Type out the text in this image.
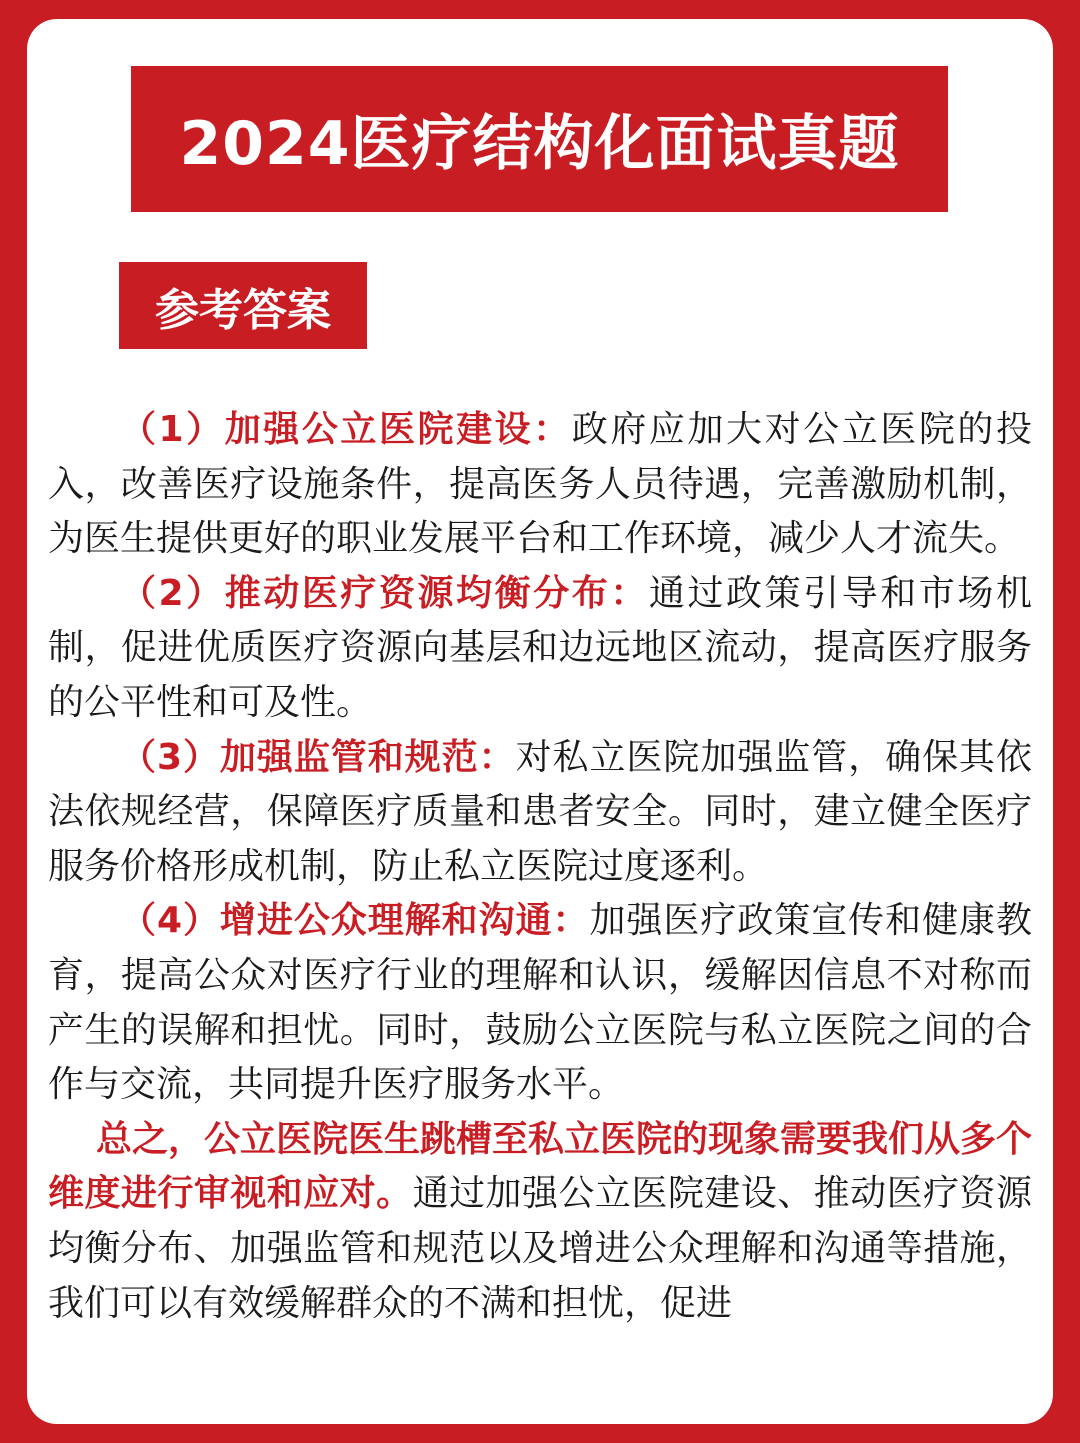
2024医疗结构化面试真题
参考答案

（1）加强公立医院建设：政府应加大对公立医院的投入，改善医疗设施条件，提高医务人员待遇，完善激励机制，为医生提供更好的职业发展平台和工作环境，减少人才流失。

（2）推动医疗资源均衡分布：通过政策引导和市场机制，促进优质医疗资源向基层和边远地区流动，提高医疗服务的公平性和可及性。

（3）加强监管和规范：对私立医院加强监管，确保其依法依规经营，保障医疗质量和患者安全。同时，建立健全医疗服务价格形成机制，防止私立医院过度逐利。

（4）增进公众理解和沟通：加强医疗政策宣传和健康教育，提高公众对医疗行业的理解和认识，缓解因信息不对称而产生的误解和担忧。同时，鼓励公立医院与私立医院之间的合作与交流，共同提升医疗服务水平。

总之，公立医院医生跳槽至私立医院的现象需要我们从多个维度进行审视和应对。通过加强公立医院建设、推动医疗资源均衡分布、加强监管和规范以及增进公众理解和沟通等措施，我们可以有效缓解群众的不满和担忧，促进
